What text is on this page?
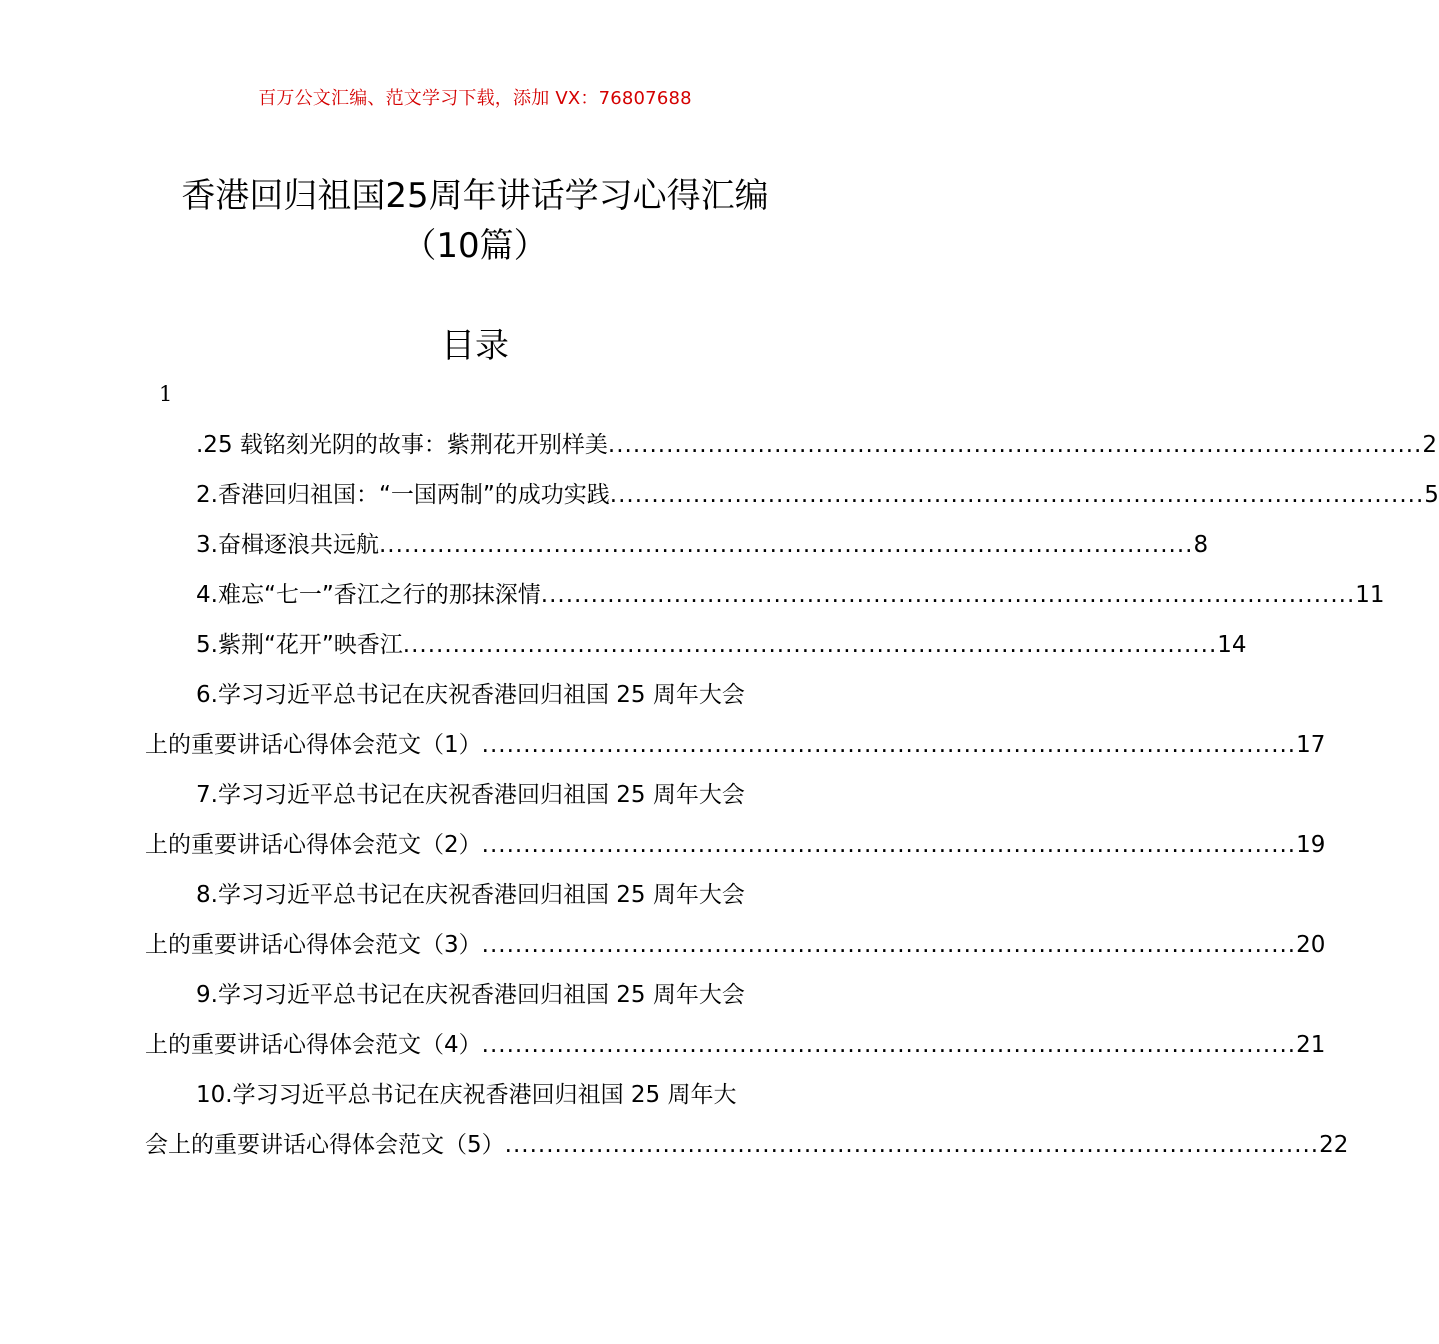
百万公文汇编、范文学习下载，添加 VX：76807688
香港回归祖国25周年讲话学习心得汇编
（10篇）
目录
1
.25 载铭刻光阴的故事：紫荆花开别样美 .................................................................................................. 2
2.香港回归祖国：“一国两制”的成功实践 .................................................................................................. 5
3.奋楫逐浪共远航 .................................................................................................. 8
4.难忘“七一”香江之行的那抹深情 .................................................................................................. 11
5.紫荆“花开”映香江 .................................................................................................. 14
6.学习习近平总书记在庆祝香港回归祖国 25 周年大会
上的重要讲话心得体会范文（1） .................................................................................................. 17
7.学习习近平总书记在庆祝香港回归祖国 25 周年大会
上的重要讲话心得体会范文（2） .................................................................................................. 19
8.学习习近平总书记在庆祝香港回归祖国 25 周年大会
上的重要讲话心得体会范文（3） .................................................................................................. 20
9.学习习近平总书记在庆祝香港回归祖国 25 周年大会
上的重要讲话心得体会范文（4） .................................................................................................. 21
10.学习习近平总书记在庆祝香港回归祖国 25 周年大
会上的重要讲话心得体会范文（5） .................................................................................................. 22
